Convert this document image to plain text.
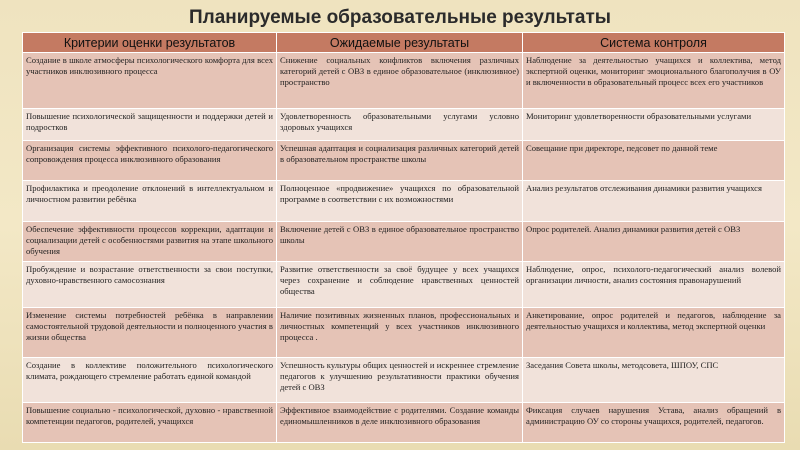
Планируемые образовательные результаты
Критерии оценки результатов	Ожидаемые результаты	Система контроля
Создание в школе атмосферы психологического комфорта для всех участников инклюзивного процесса	Снижение социальных конфликтов включения различных категорий детей с ОВЗ в единое образовательное (инклюзивное) пространство	Наблюдение за деятельностью учащихся и коллектива, метод экспертной оценки, мониторинг эмоционального благополучия в ОУ и включенности в образовательный процесс всех его участников
Повышение психологической защищенности и поддержки детей и подростков	Удовлетворенность образовательными услугами условно здоровых учащихся	Мониторинг удовлетворенности образовательными услугами
Организация системы эффективного психолого-педагогического сопровождения процесса инклюзивного образования	Успешная адаптация и социализация различных категорий детей в образовательном пространстве школы	Совещание при директоре, педсовет по данной теме
Профилактика и преодоление отклонений в интеллектуальном и личностном развитии ребёнка	Полноценное «продвижение» учащихся по образовательной программе в соответствии с их возможностями	Анализ результатов отслеживания динамики развития учащихся
Обеспечение эффективности процессов коррекции, адаптации и социализации детей с особенностями развития на этапе школьного обучения	Включение детей с ОВЗ в единое образовательное пространство школы	Опрос родителей. Анализ динамики развития детей с ОВЗ
Пробуждение и возрастание ответственности за свои поступки, духовно-нравственного самосознания	Развитие ответственности за своё будущее у всех учащихся через сохранение и соблюдение нравственных ценностей общества	Наблюдение, опрос, психолого-педагогический анализ волевой организации личности, анализ состояния правонарушений
Изменение системы потребностей ребёнка в направлении самостоятельной трудовой деятельности и полноценного участия в жизни общества	Наличие позитивных жизненных планов, профессиональных и личностных компетенций у всех участников инклюзивного процесса .	Анкетирование, опрос родителей и педагогов, наблюдение за деятельностью учащихся и коллектива, метод экспертной оценки
Создание в коллективе положительного психологического климата, рождающего стремление работать единой командой	Успешность культуры общих ценностей и искреннее стремление педагогов к улучшению результативности практики обучения детей с ОВЗ	Заседания Совета школы, методсовета, ШПОУ, СПС
Повышение социально - психологической, духовно - нравственной компетенции педагогов, родителей, учащихся	Эффективное взаимодействие с родителями. Создание команды единомышленников в деле инклюзивного образования	Фиксация случаев нарушения Устава, анализ обращений в администрацию ОУ со стороны учащихся, родителей, педагогов.
